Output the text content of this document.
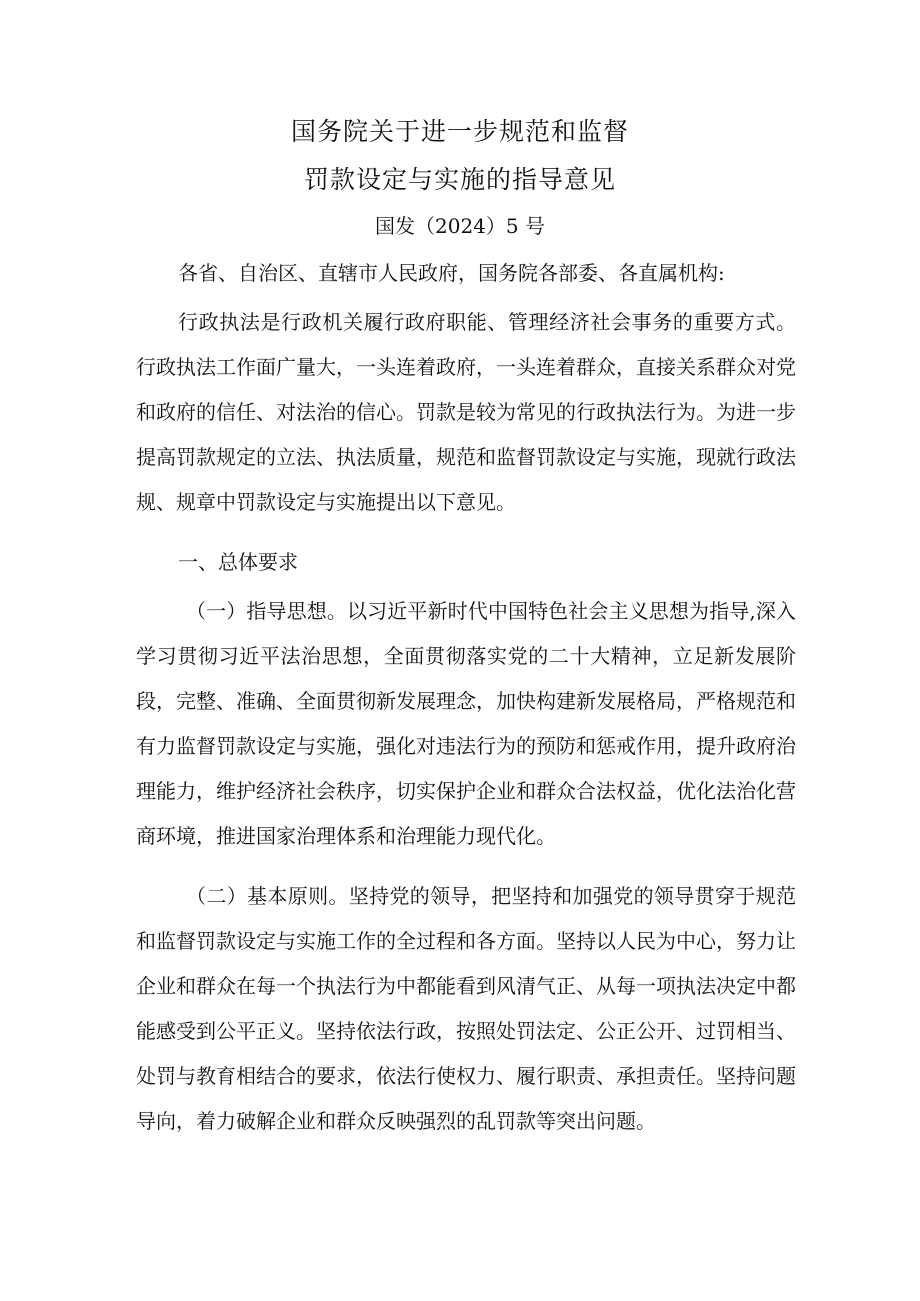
国务院关于进一步规范和监督
罚款设定与实施的指导意见
国发（2024）5 号
各省、自治区、直辖市人民政府，国务院各部委、各直属机构:
行政执法是行政机关履行政府职能、管理经济社会事务的重要方式。行政执法工作面广量大，一头连着政府，一头连着群众，直接关系群众对党和政府的信任、对法治的信心。罚款是较为常见的行政执法行为。为进一步提高罚款规定的立法、执法质量，规范和监督罚款设定与实施，现就行政法规、规章中罚款设定与实施提出以下意见。
一、总体要求
（一）指导思想。以习近平新时代中国特色社会主义思想为指导,深入学习贯彻习近平法治思想，全面贯彻落实党的二十大精神，立足新发展阶段，完整、准确、全面贯彻新发展理念，加快构建新发展格局，严格规范和有力监督罚款设定与实施，强化对违法行为的预防和惩戒作用，提升政府治理能力，维护经济社会秩序，切实保护企业和群众合法权益，优化法治化营商环境，推进国家治理体系和治理能力现代化。
（二）基本原则。坚持党的领导，把坚持和加强党的领导贯穿于规范和监督罚款设定与实施工作的全过程和各方面。坚持以人民为中心，努力让企业和群众在每一个执法行为中都能看到风清气正、从每一项执法决定中都能感受到公平正义。坚持依法行政，按照处罚法定、公正公开、过罚相当、处罚与教育相结合的要求，依法行使权力、履行职责、承担责任。坚持问题导向，着力破解企业和群众反映强烈的乱罚款等突出问题。
